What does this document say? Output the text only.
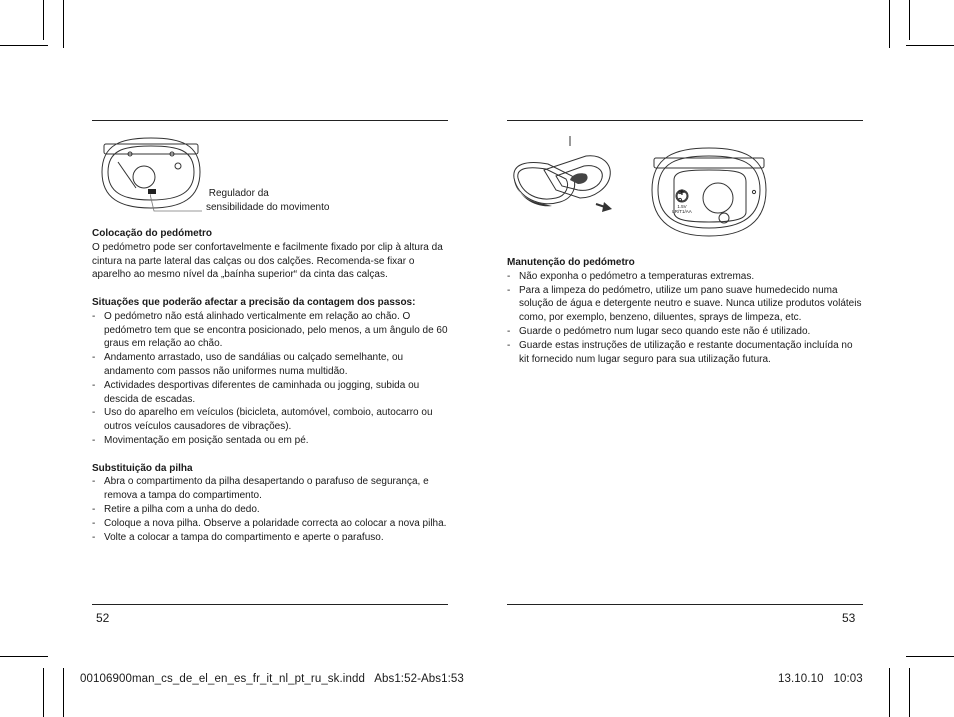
Regulador da
sensibilidade do movimento

Colocação do pedómetro

O pedómetro pode ser confortavelmente e facilmente fixado por clip à altura da cintura na parte lateral das calças ou dos calções. Recomenda-se fixar o aparelho ao mesmo nível da „baínha superior“ da cinta das calças.

Situações que poderão afectar a precisão da contagem dos passos:

- O pedómetro não está alinhado verticalmente em relação ao chão. O pedómetro tem que se encontra posicionado, pelo menos, a um ângulo de 60 graus em relação ao chão.
- Andamento arrastado, uso de sandálias ou calçado semelhante, ou andamento com passos não uniformes numa multidão.
- Actividades desportivas diferentes de caminhada ou jogging, subida ou descida de escadas.
- Uso do aparelho em veículos (bicicleta, automóvel, comboio, autocarro ou outros veículos causadores de vibrações).
- Movimentação em posição sentada ou em pé.

Substituição da pilha

- Abra o compartimento da pilha desapertando o parafuso de segurança, e remova a tampa do compartimento.
- Retire a pilha com a unha do dedo.
- Coloque a nova pilha. Observe a polaridade correcta ao colocar a nova pilha.
- Volte a colocar a tampa do compartimento e aperte o parafuso.
+
1.5V
LR/T1/AA

Manutenção do pedómetro

- Não exponha o pedómetro a temperaturas extremas.
- Para a limpeza do pedómetro, utilize um pano suave humedecido numa solução de água e detergente neutro e suave. Nunca utilize produtos voláteis como, por exemplo, benzeno, diluentes, sprays de limpeza, etc.
- Guarde o pedómetro num lugar seco quando este não é utilizado.
- Guarde estas instruções de utilização e restante documentação incluída no kit fornecido num lugar seguro para sua utilização futura.
52	53
00106900man_cs_de_el_en_es_fr_it_nl_pt_ru_sk.indd   Abs1:52-Abs1:53	13.10.10   10:03
